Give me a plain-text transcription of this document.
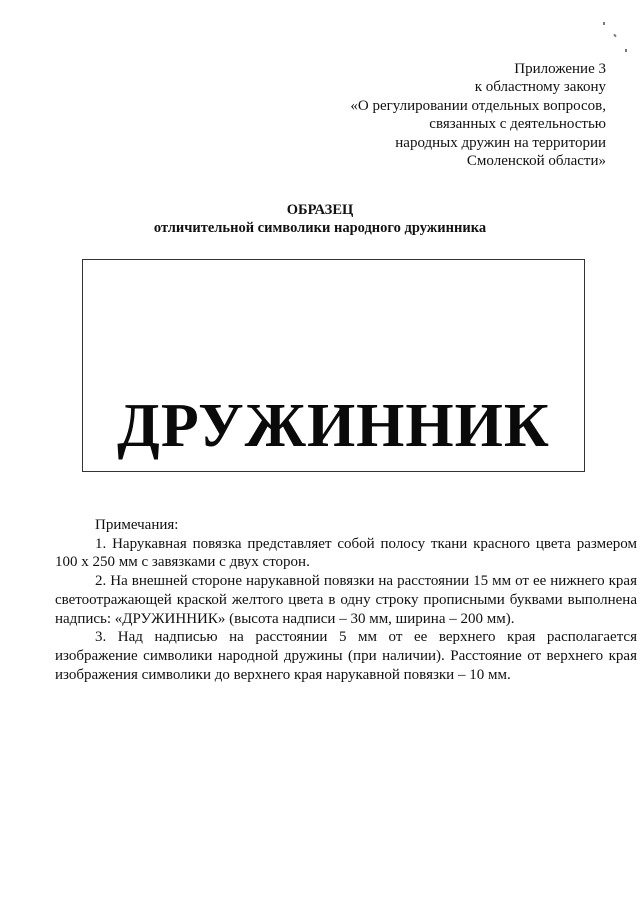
Приложение 3
к областному закону
«О регулировании отдельных вопросов,
связанных с деятельностью
народных дружин на территории
Смоленской области»
ОБРАЗЕЦ
отличительной символики народного дружинника
ДРУЖИННИК
Примечания:
1. Нарукавная повязка представляет собой полосу ткани красного цвета размером 100 х 250 мм с завязками с двух сторон.
2. На внешней стороне нарукавной повязки на расстоянии 15 мм от ее нижнего края светоотражающей краской желтого цвета в одну строку прописными буквами выполнена надпись: «ДРУЖИННИК» (высота надписи – 30 мм, ширина – 200 мм).
3. Над надписью на расстоянии 5 мм от ее верхнего края располагается изображение символики народной дружины (при наличии). Расстояние от верхнего края изображения символики до верхнего края нарукавной повязки – 10 мм.
